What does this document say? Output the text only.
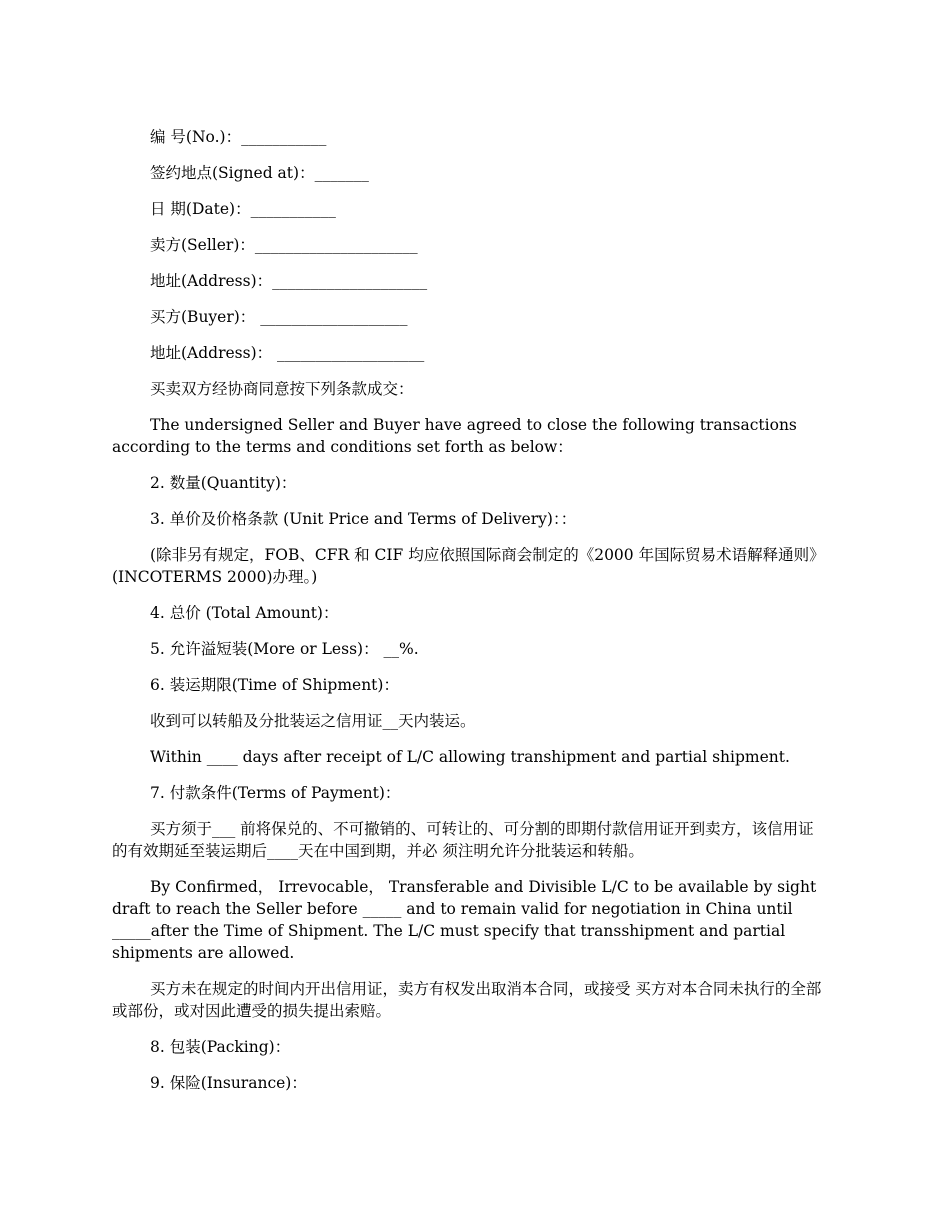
编 号(No.)：___________

签约地点(Signed at)：_______

日 期(Date)：___________

卖方(Seller)：_____________________

地址(Address)：____________________

买方(Buyer)： ___________________

地址(Address)： ___________________

买卖双方经协商同意按下列条款成交：

The undersigned Seller and Buyer have agreed to close the following transactions according to the terms and conditions set forth as below：

2. 数量(Quantity)：

3. 单价及价格条款 (Unit Price and Terms of Delivery)：：

(除非另有规定，FOB、CFR 和 CIF 均应依照国际商会制定的《2000 年国际贸易术语解释通则》(INCOTERMS 2000)办理。)

4. 总价 (Total Amount)：

5. 允许溢短装(More or Less)： __%.

6. 装运期限(Time of Shipment)：

收到可以转船及分批装运之信用证__天内装运。

Within ____ days after receipt of L/C allowing transhipment and partial shipment.

7. 付款条件(Terms of Payment)：

买方须于___ 前将保兑的、不可撤销的、可转让的、可分割的即期付款信用证开到卖方，该信用证的有效期延至装运期后____天在中国到期，并必 须注明允许分批装运和转船。

By Confirmed， Irrevocable， Transferable and Divisible L/C to be available by sight draft to reach the Seller before _____ and to remain valid for negotiation in China until _____after the Time of Shipment. The L/C must specify that transshipment and partial shipments are allowed.

买方未在规定的时间内开出信用证，卖方有权发出取消本合同，或接受 买方对本合同未执行的全部或部份，或对因此遭受的损失提出索赔。

8. 包装(Packing)：

9. 保险(Insurance)：
